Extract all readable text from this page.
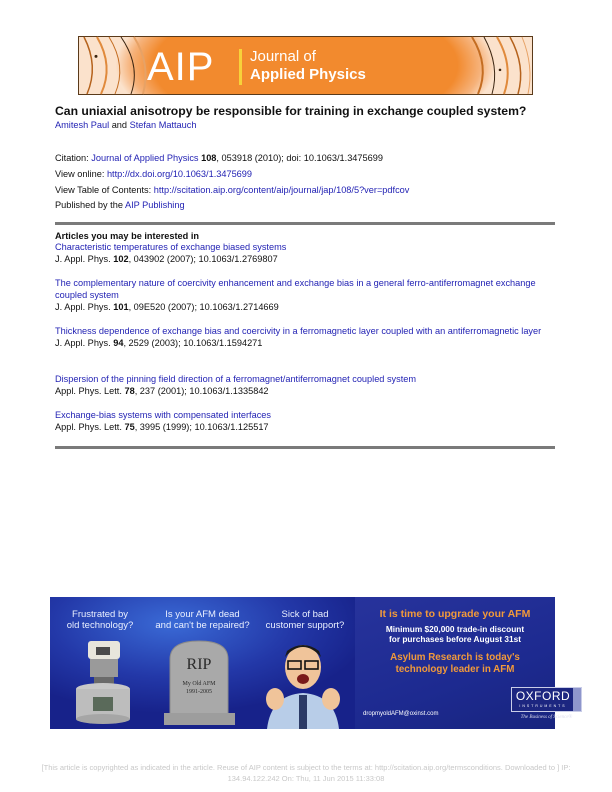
AIP Journal of
Applied Physics
Can uniaxial anisotropy be responsible for training in exchange coupled system?
Amitesh Paul and Stefan Mattauch
Citation: Journal of Applied Physics 108, 053918 (2010); doi: 10.1063/1.3475699
View online: http://dx.doi.org/10.1063/1.3475699
View Table of Contents: http://scitation.aip.org/content/aip/journal/jap/108/5?ver=pdfcov
Published by the AIP Publishing
Articles you may be interested in
Characteristic temperatures of exchange biased systems
J. Appl. Phys. 102, 043902 (2007); 10.1063/1.2769807
The complementary nature of coercivity enhancement and exchange bias in a general ferro-antiferromagnet exchange coupled system
J. Appl. Phys. 101, 09E520 (2007); 10.1063/1.2714669
Thickness dependence of exchange bias and coercivity in a ferromagnetic layer coupled with an antiferromagnetic layer
J. Appl. Phys. 94, 2529 (2003); 10.1063/1.1594271
Dispersion of the pinning field direction of a ferromagnet/antiferromagnet coupled system
Appl. Phys. Lett. 78, 237 (2001); 10.1063/1.1335842
Exchange-bias systems with compensated interfaces
Appl. Phys. Lett. 75, 3995 (1999); 10.1063/1.125517
Frustrated by
old technology?
Is your AFM dead
and can't be repaired?
Sick of bad
customer support?
RIP
My Old AFM
1991-2005
It is time to upgrade your AFM
Minimum $20,000 trade-in discount
for purchases before August 31st
Asylum Research is today's
technology leader in AFM
dropmyoldAFM@oxinst.com
OXFORD
INSTRUMENTS
The Business of Science®
[This article is copyrighted as indicated in the article. Reuse of AIP content is subject to the terms at: http://scitation.aip.org/termsconditions. Downloaded to ] IP:
134.94.122.242 On: Thu, 11 Jun 2015 11:33:08
